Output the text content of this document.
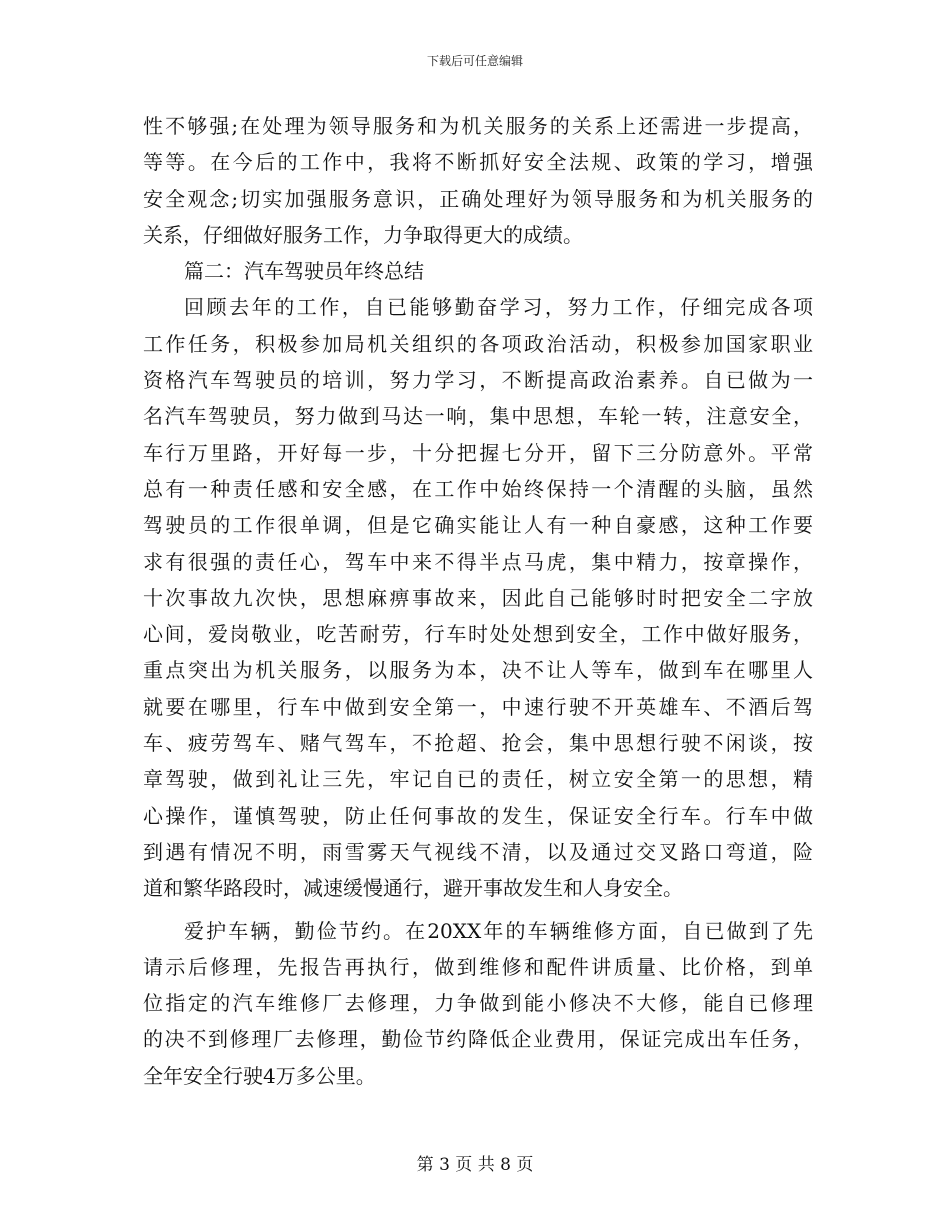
下载后可任意编辑
性不够强;在处理为领导服务和为机关服务的关系上还需进一步提高，
等等。在今后的工作中，我将不断抓好安全法规、政策的学习，增强
安全观念;切实加强服务意识，正确处理好为领导服务和为机关服务的
关系，仔细做好服务工作，力争取得更大的成绩。
篇二：汽车驾驶员年终总结
回顾去年的工作，自已能够勤奋学习，努力工作，仔细完成各项
工作任务，积极参加局机关组织的各项政治活动，积极参加国家职业
资格汽车驾驶员的培训，努力学习，不断提高政治素养。自已做为一
名汽车驾驶员，努力做到马达一响，集中思想，车轮一转，注意安全，
车行万里路，开好每一步，十分把握七分开，留下三分防意外。平常
总有一种责任感和安全感，在工作中始终保持一个清醒的头脑，虽然
驾驶员的工作很单调，但是它确实能让人有一种自豪感，这种工作要
求有很强的责任心，驾车中来不得半点马虎，集中精力，按章操作，
十次事故九次快，思想麻痹事故来，因此自己能够时时把安全二字放
心间，爱岗敬业，吃苦耐劳，行车时处处想到安全，工作中做好服务，
重点突出为机关服务，以服务为本，决不让人等车，做到车在哪里人
就要在哪里，行车中做到安全第一，中速行驶不开英雄车、不酒后驾
车、疲劳驾车、赌气驾车，不抢超、抢会，集中思想行驶不闲谈，按
章驾驶，做到礼让三先，牢记自已的责任，树立安全第一的思想，精
心操作，谨慎驾驶，防止任何事故的发生，保证安全行车。行车中做
到遇有情况不明，雨雪雾天气视线不清，以及通过交叉路口弯道，险
道和繁华路段时，减速缓慢通行，避开事故发生和人身安全。
爱护车辆，勤俭节约。在20XX年的车辆维修方面，自已做到了先
请示后修理，先报告再执行，做到维修和配件讲质量、比价格，到单
位指定的汽车维修厂去修理，力争做到能小修决不大修，能自已修理
的决不到修理厂去修理，勤俭节约降低企业费用，保证完成出车任务，
全年安全行驶4万多公里。
第 3 页 共 8 页
